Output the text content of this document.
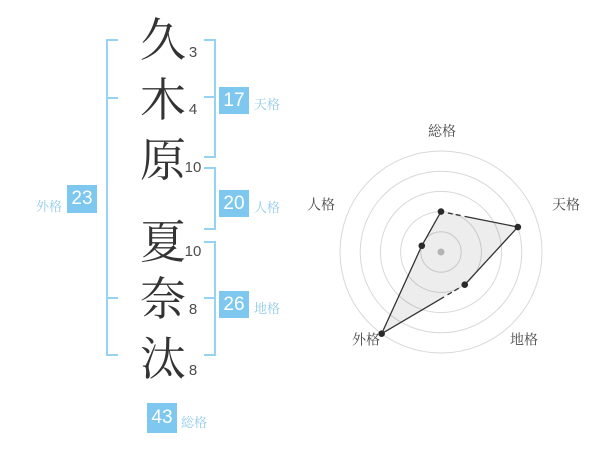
久
木
原
夏
奈
汰
3
4
10
10
8
8
23
外格
17 天格
20 人格
26 地格
43 総格
総格
天格
地格
外格
人格
